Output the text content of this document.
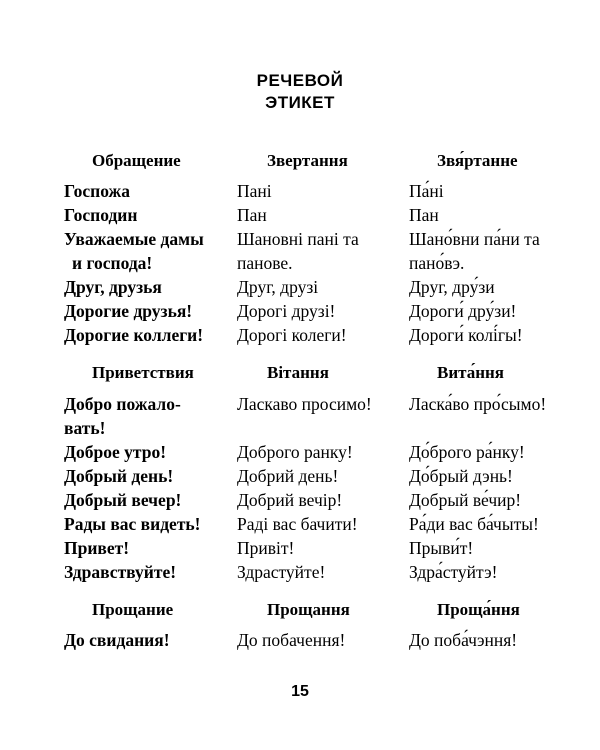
РЕЧЕВОЙ
ЭТИКЕТ
Обращение
Госпожа
Господин
Уважаемые дамы
и господа!
Друг, друзья
Дорогие друзья!
Дорогие коллеги!
Приветствия
Добро пожало-
вать!
Доброе утро!
Добрый день!
Добрый вечер!
Рады вас видеть!
Привет!
Здравствуйте!
Прощание
До свидания!
Звертання
Пані
Пан
Шановні пані та
панове.
Друг, друзі
Дорогі друзі!
Дорогі колеги!
Вітання
Ласкаво просимо!
Доброго ранку!
Добрий день!
Добрий вечір!
Раді вас бачити!
Привіт!
Здрастуйте!
Прощання
До побачення!
Звя́ртанне
Па́ні
Пан
Шано́вни па́ни та
пано́вэ.
Друг, дру́зи
Дороги́ дру́зи!
Дороги́ колі́гы!
Вита́ння
Ласка́во про́сымо!
До́брого ра́нку!
До́брый дэнь!
Добрый ве́чир!
Ра́ди вас ба́чыты!
Прыви́т!
Здра́стуйтэ!
Проща́ння
До поба́чэння!
15
